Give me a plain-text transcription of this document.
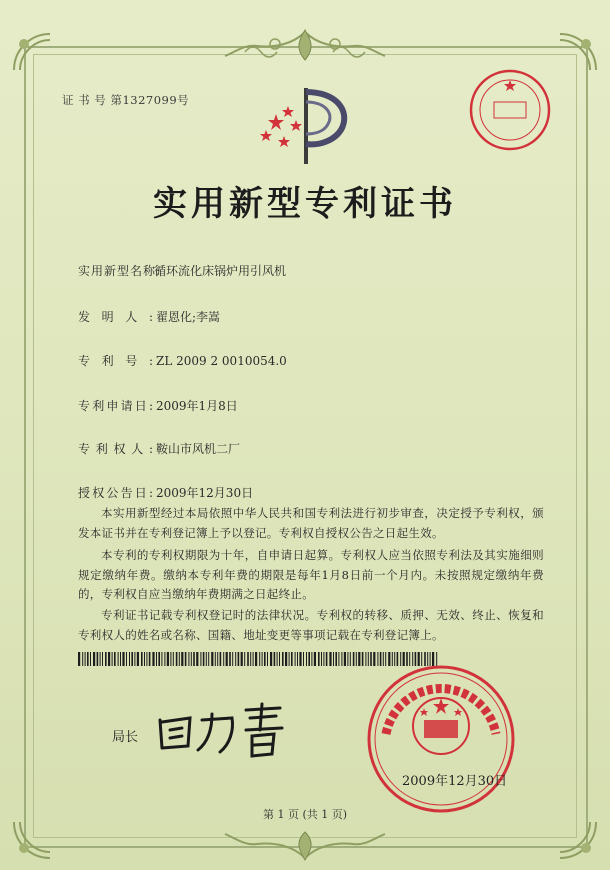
证 书 号 第1327099号
实用新型专利证书
实用新型名称:循环流化床锅炉用引风机
发明人: 翟恩化;李嵩
专利号: ZL 2009 2 0010054.0
专利申请日: 2009年1月8日
专利权人: 鞍山市风机二厂
授权公告日: 2009年12月30日

本实用新型经过本局依照中华人民共和国专利法进行初步审查，决定授予专利权，颁发本证书并在专利登记簿上予以登记。专利权自授权公告之日起生效。

本专利的专利权期限为十年，自申请日起算。专利权人应当依照专利法及其实施细则规定缴纳年费。缴纳本专利年费的期限是每年1月8日前一个月内。未按照规定缴纳年费的，专利权自应当缴纳年费期满之日起终止。

专利证书记载专利权登记时的法律状况。专利权的转移、质押、无效、终止、恢复和专利权人的姓名或名称、国籍、地址变更等事项记载在专利登记簿上。

局长
2009年12月30日
第 1 页 (共 1 页)
